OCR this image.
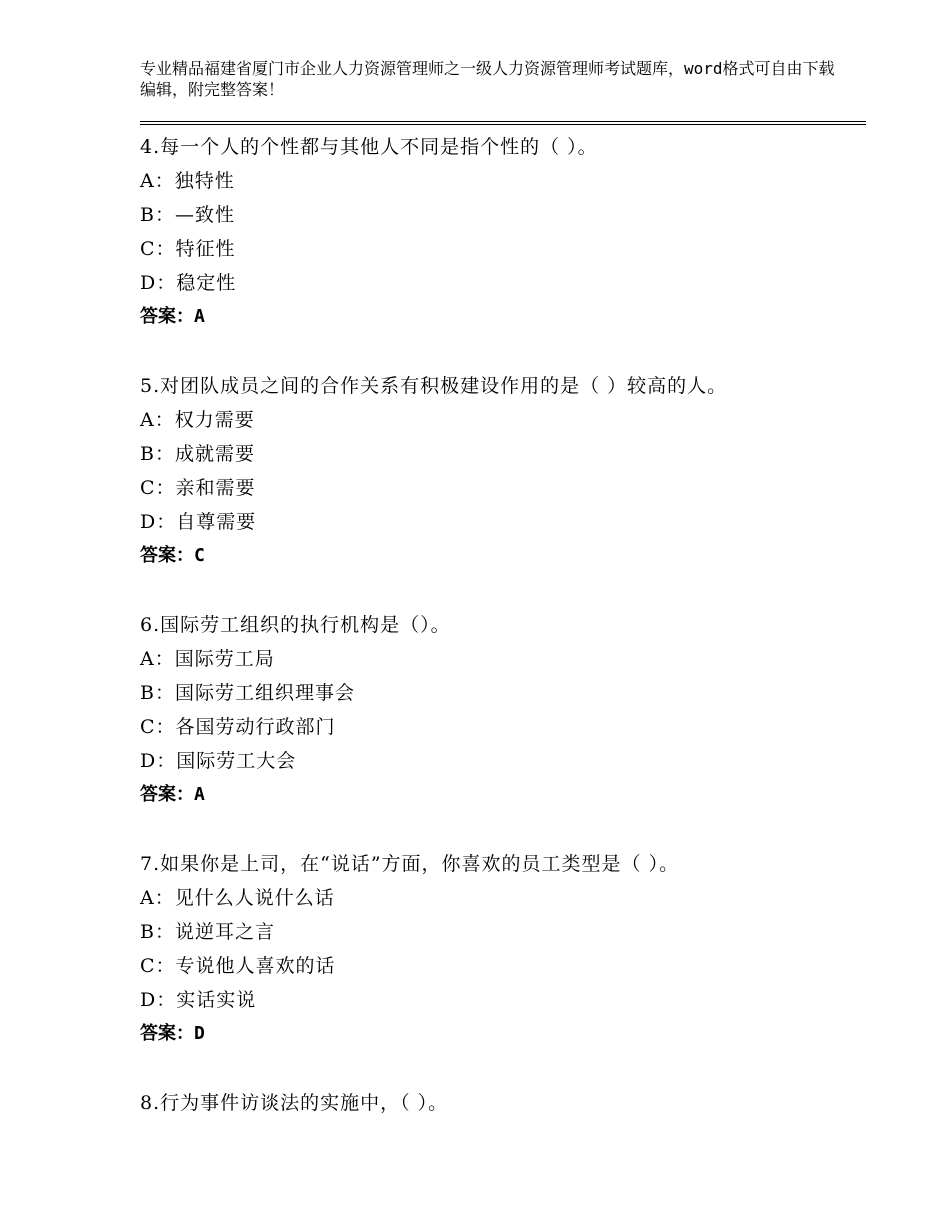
专业精品福建省厦门市企业人力资源管理师之一级人力资源管理师考试题库，word格式可自由下载编辑，附完整答案！
4.每一个人的个性都与其他人不同是指个性的（ ）。
A：独特性
B：—致性
C：特征性
D：稳定性
答案：A
5.对团队成员之间的合作关系有积极建设作用的是（ ）较高的人。
A：权力需要
B：成就需要
C：亲和需要
D：自尊需要
答案：C
6.国际劳工组织的执行机构是（）。
A：国际劳工局
B：国际劳工组织理事会
C：各国劳动行政部门
D：国际劳工大会
答案：A
7.如果你是上司，在“说话”方面，你喜欢的员工类型是（ ）。
A：见什么人说什么话
B：说逆耳之言
C：专说他人喜欢的话
D：实话实说
答案：D
8.行为事件访谈法的实施中，（ ）。
